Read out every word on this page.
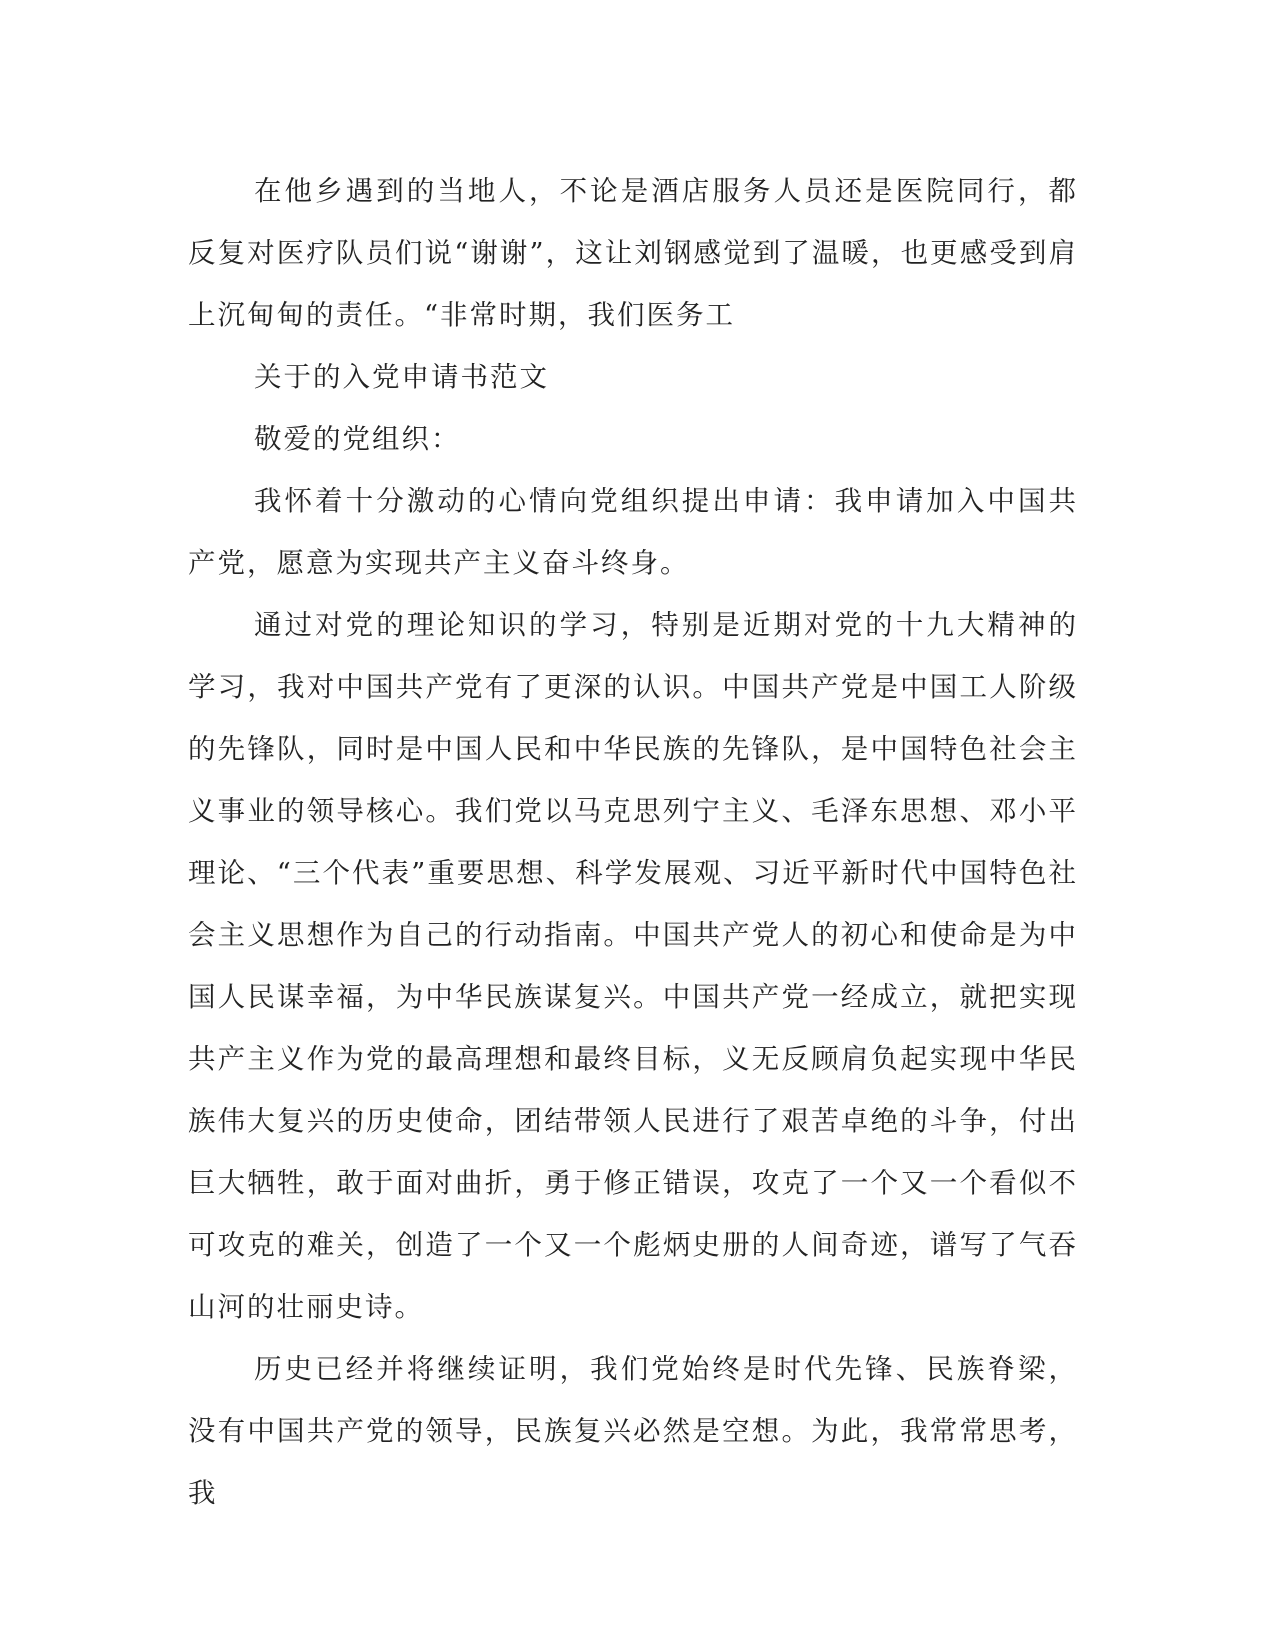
在他乡遇到的当地人，不论是酒店服务人员还是医院同行，都反复对医疗队员们说“谢谢”，这让刘钢感觉到了温暖，也更感受到肩上沉甸甸的责任。“非常时期，我们医务工

关于的入党申请书范文

敬爱的党组织：

我怀着十分激动的心情向党组织提出申请：我申请加入中国共产党，愿意为实现共产主义奋斗终身。

通过对党的理论知识的学习，特别是近期对党的十九大精神的学习，我对中国共产党有了更深的认识。中国共产党是中国工人阶级的先锋队，同时是中国人民和中华民族的先锋队，是中国特色社会主义事业的领导核心。我们党以马克思列宁主义、毛泽东思想、邓小平理论、“三个代表”重要思想、科学发展观、习近平新时代中国特色社会主义思想作为自己的行动指南。中国共产党人的初心和使命是为中国人民谋幸福，为中华民族谋复兴。中国共产党一经成立，就把实现共产主义作为党的最高理想和最终目标，义无反顾肩负起实现中华民族伟大复兴的历史使命，团结带领人民进行了艰苦卓绝的斗争，付出巨大牺牲，敢于面对曲折，勇于修正错误，攻克了一个又一个看似不可攻克的难关，创造了一个又一个彪炳史册的人间奇迹，谱写了气吞山河的壮丽史诗。

历史已经并将继续证明，我们党始终是时代先锋、民族脊梁，没有中国共产党的领导，民族复兴必然是空想。为此，我常常思考，我
